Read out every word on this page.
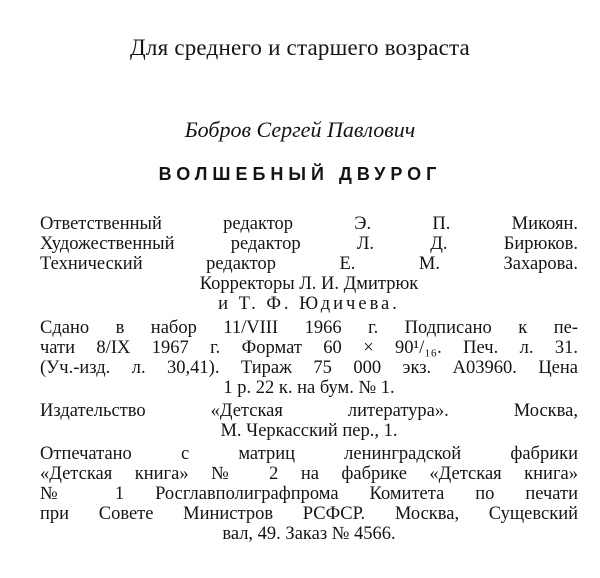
Для среднего и старшего возраста
Бобров Сергей Павлович
ВОЛШЕБНЫЙ ДВУРОГ
Ответственный редактор Э. П. Микоян.
Художественный редактор Л. Д. Бирюков.
Технический редактор Е. М. Захарова.
Корректоры Л. И. Дмитрюк
и Т. Ф. Юдичева.
Сдано в набор 11/VIII 1966 г. Подписано к пе-
чати 8/IX 1967 г. Формат 60 × 90¹/₁₆. Печ. л. 31.
(Уч.-изд. л. 30,41). Тираж 75 000 экз. А03960. Цена
1 р. 22 к. на бум. № 1.
Издательство «Детская литература». Москва,
М. Черкасский пер., 1.
Отпечатано с матриц ленинградской фабрики
«Детская книга» № 2 на фабрике «Детская книга»
№ 1 Росглавполиграфпрома Комитета по печати
при Совете Министров РСФСР. Москва, Сущевский
вал, 49. Заказ № 4566.
